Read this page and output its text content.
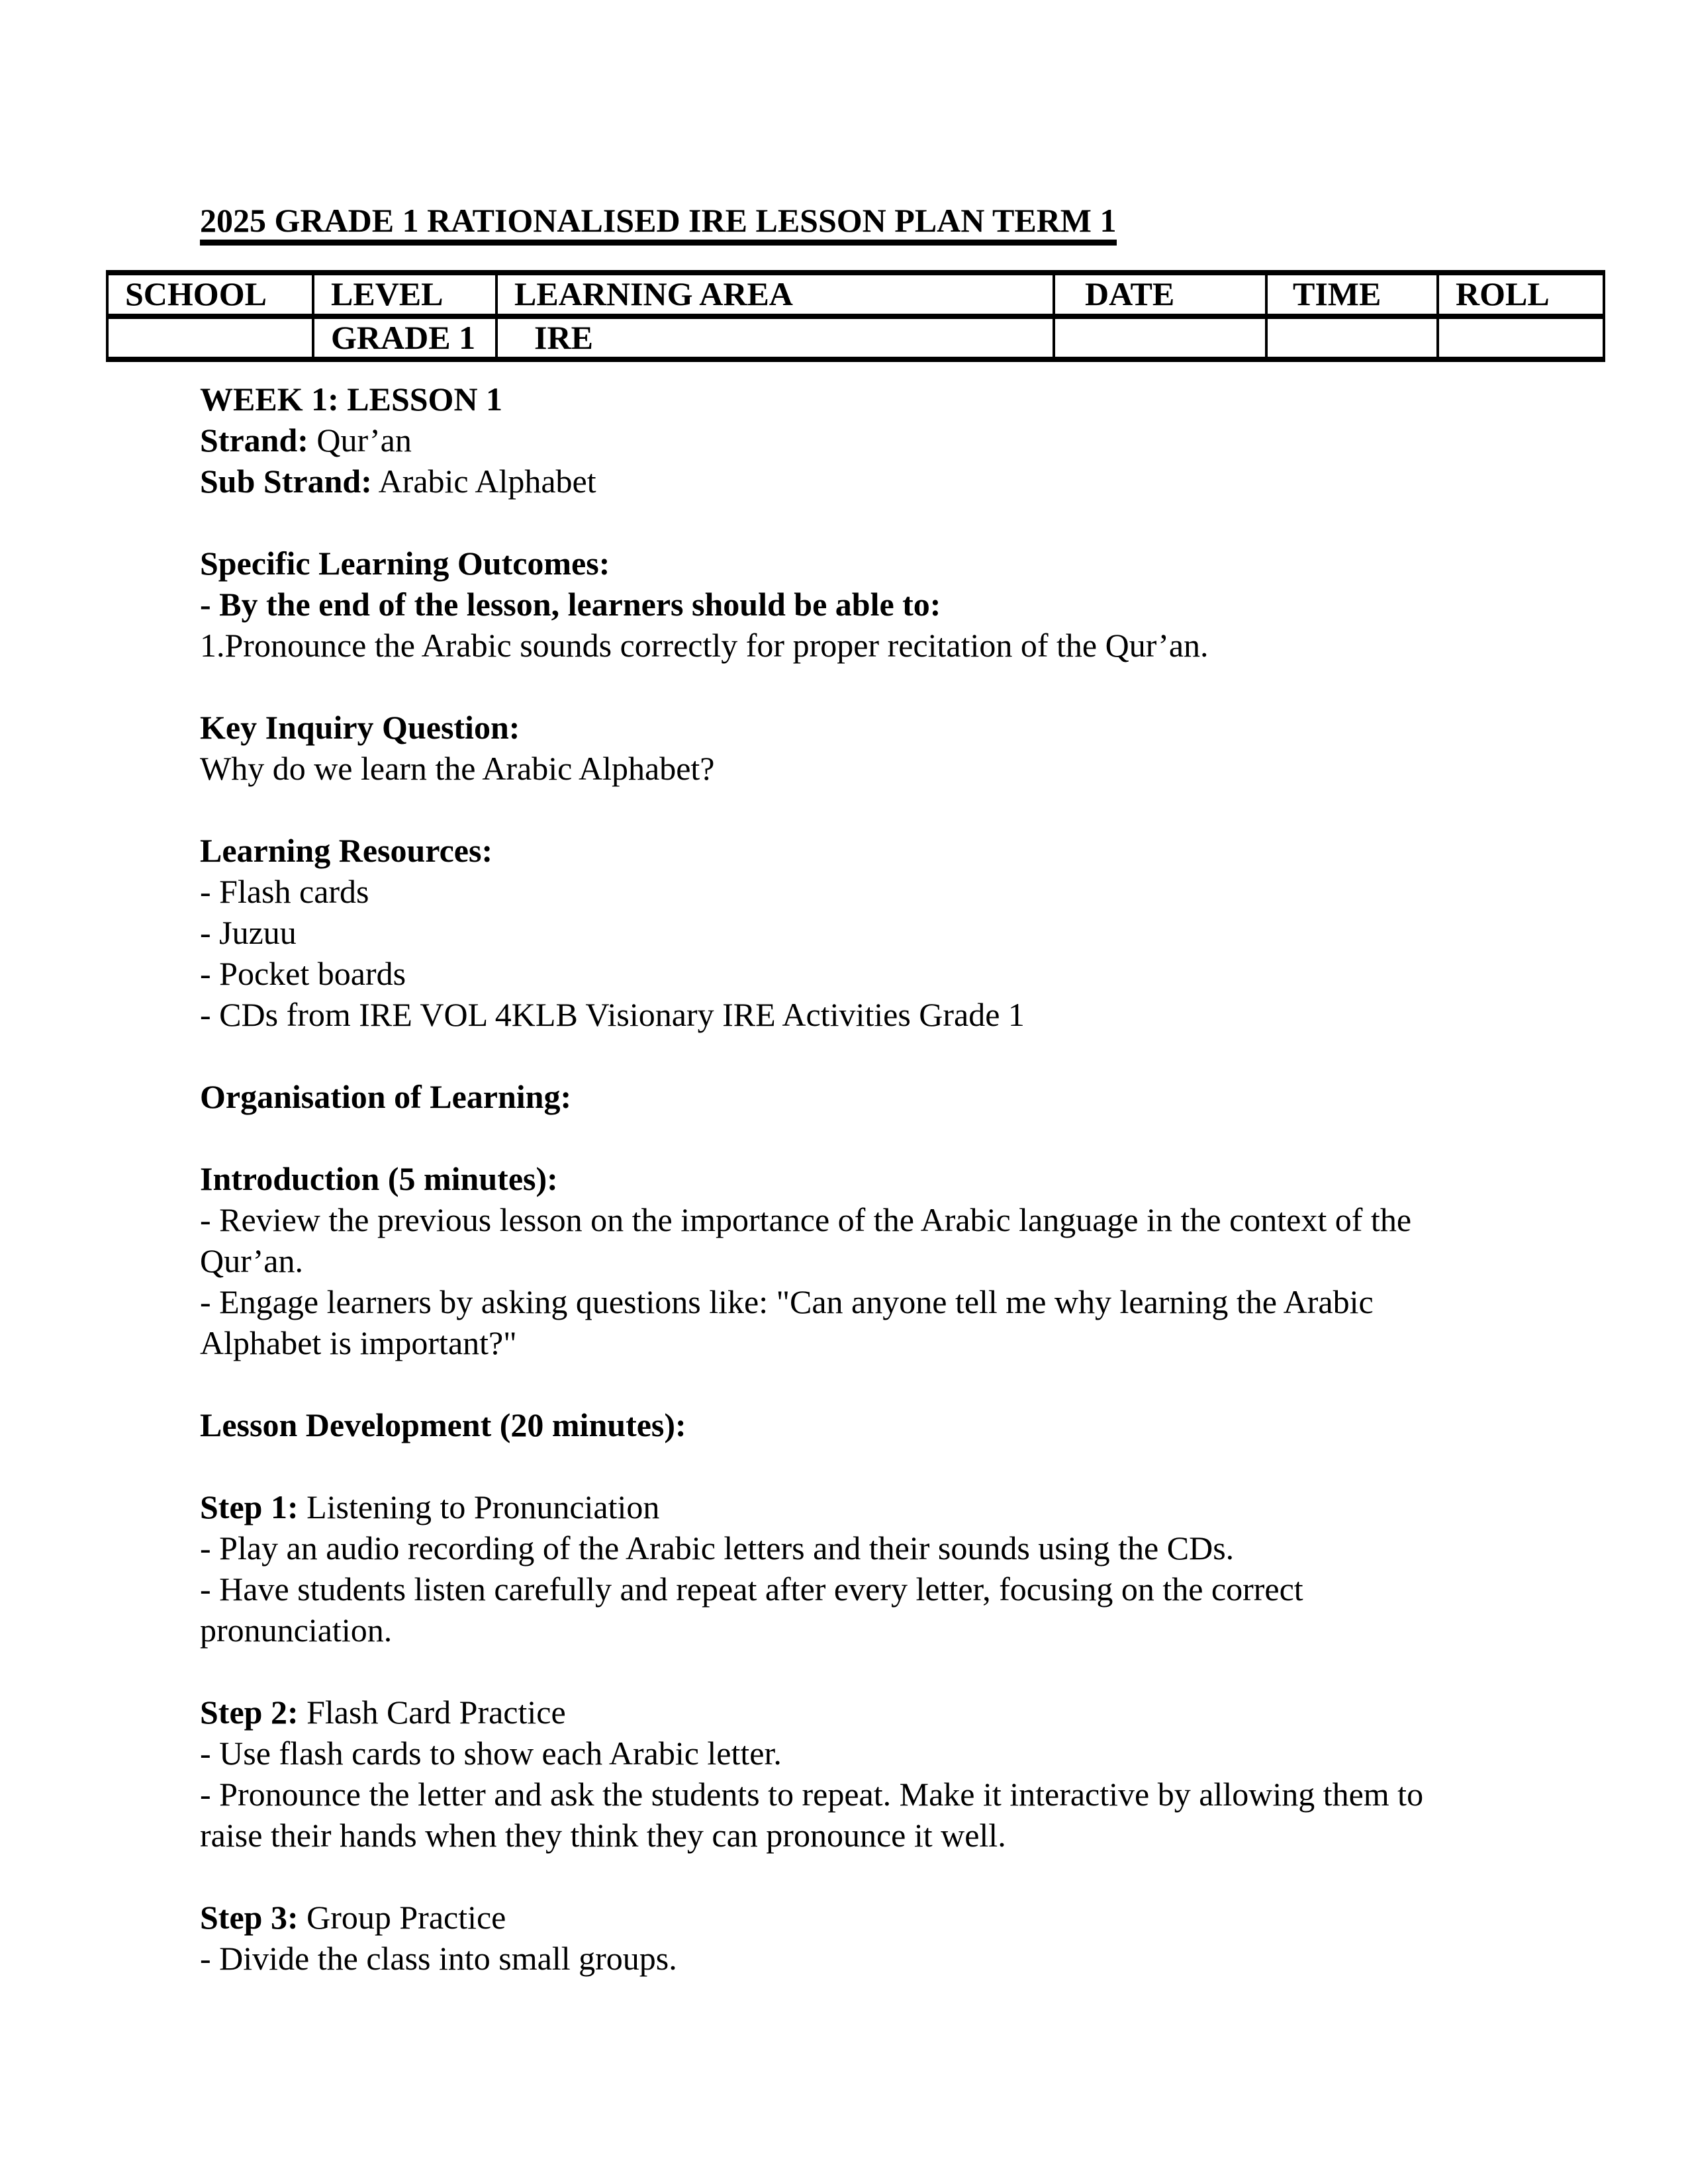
2025 GRADE 1 RATIONALISED IRE LESSON PLAN TERM 1
SCHOOL	LEVEL	LEARNING AREA	DATE	TIME	ROLL
	GRADE 1	IRE			

WEEK 1: LESSON 1

Strand: Qur’an

Sub Strand: Arabic Alphabet

Specific Learning Outcomes:

- By the end of the lesson, learners should be able to:

1.Pronounce the Arabic sounds correctly for proper recitation of the Qur’an.

Key Inquiry Question:

Why do we learn the Arabic Alphabet?

Learning Resources:

- Flash cards

- Juzuu

- Pocket boards

- CDs from IRE VOL 4KLB Visionary IRE Activities Grade 1

Organisation of Learning:

Introduction (5 minutes):

- Review the previous lesson on the importance of the Arabic language in the context of the Qur’an.

- Engage learners by asking questions like: "Can anyone tell me why learning the Arabic Alphabet is important?"

Lesson Development (20 minutes):

Step 1: Listening to Pronunciation

- Play an audio recording of the Arabic letters and their sounds using the CDs.

- Have students listen carefully and repeat after every letter, focusing on the correct pronunciation.

Step 2: Flash Card Practice

- Use flash cards to show each Arabic letter.

- Pronounce the letter and ask the students to repeat. Make it interactive by allowing them to raise their hands when they think they can pronounce it well.

Step 3: Group Practice

- Divide the class into small groups.
